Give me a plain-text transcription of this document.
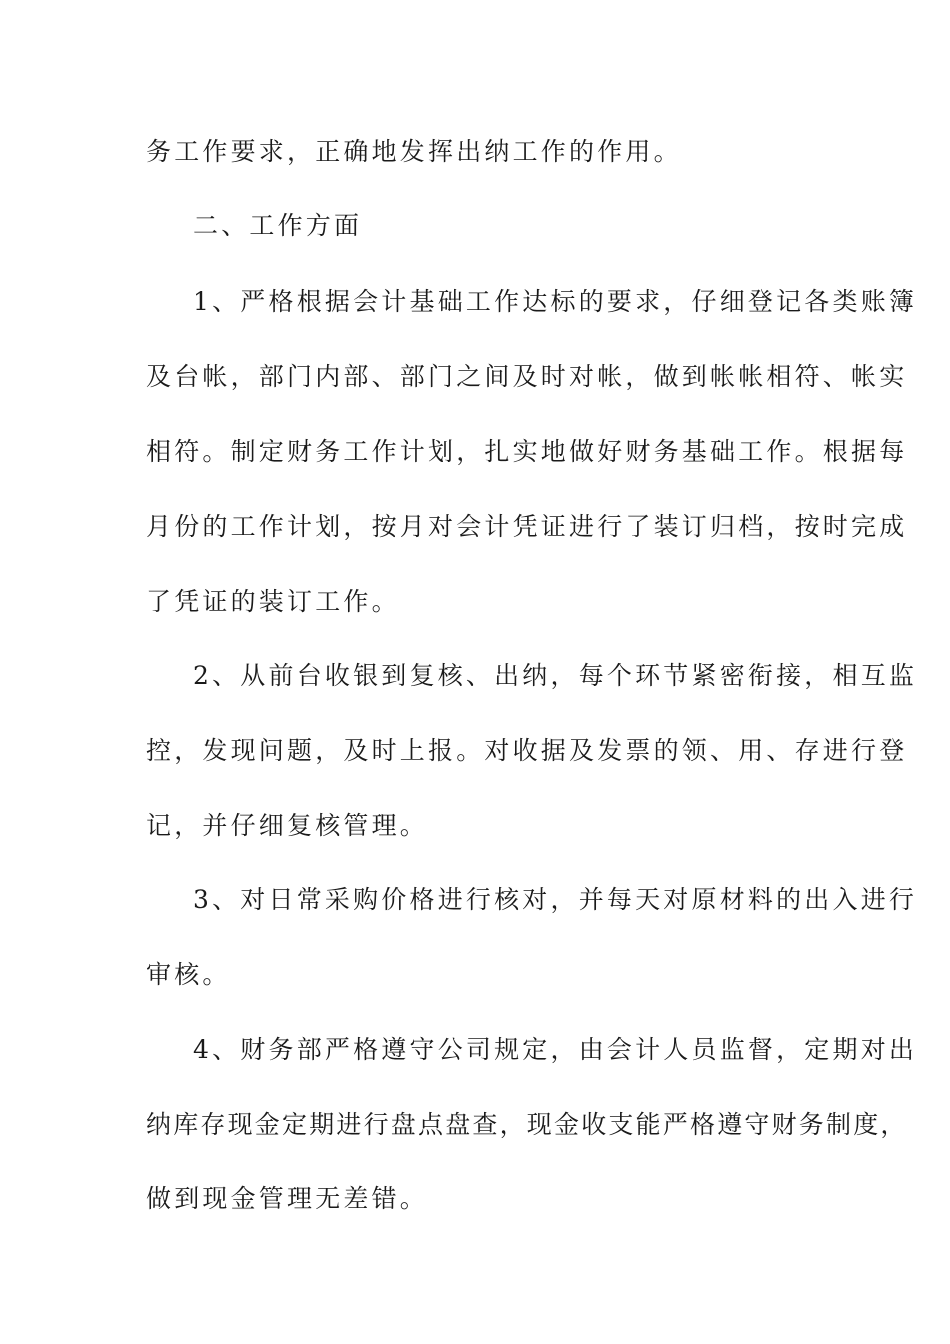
务工作要求，正确地发挥出纳工作的作用。
二、工作方面
1、严格根据会计基础工作达标的要求，仔细登记各类账簿
及台帐，部门内部、部门之间及时对帐，做到帐帐相符、帐实
相符。制定财务工作计划，扎实地做好财务基础工作。根据每
月份的工作计划，按月对会计凭证进行了装订归档，按时完成
了凭证的装订工作。
2、从前台收银到复核、出纳，每个环节紧密衔接，相互监
控，发现问题，及时上报。对收据及发票的领、用、存进行登
记，并仔细复核管理。
3、对日常采购价格进行核对，并每天对原材料的出入进行
审核。
4、财务部严格遵守公司规定，由会计人员监督，定期对出
纳库存现金定期进行盘点盘查，现金收支能严格遵守财务制度，
做到现金管理无差错。
